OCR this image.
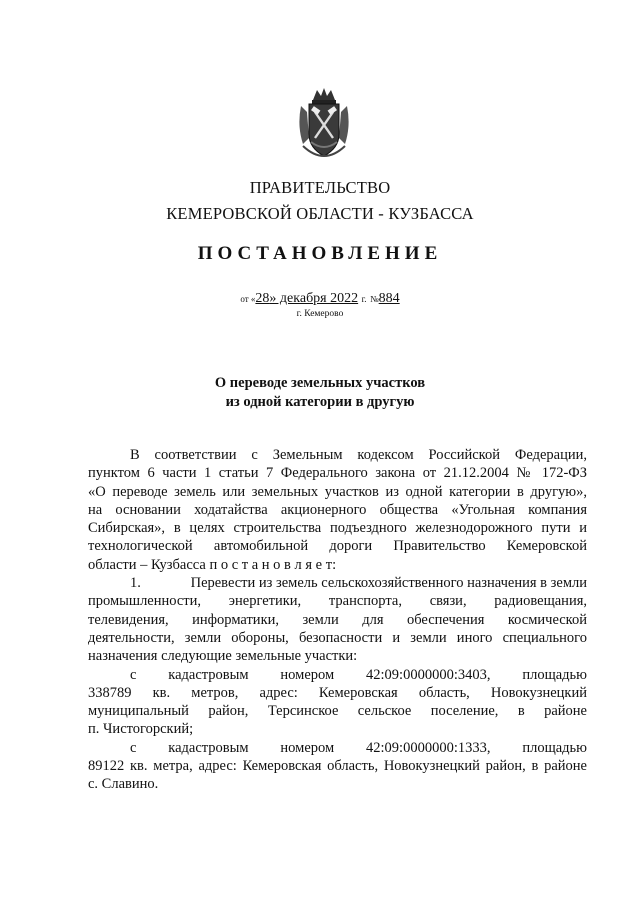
ПРАВИТЕЛЬСТВО
КЕМЕРОВСКОЙ ОБЛАСТИ - КУЗБАССА
ПОСТАНОВЛЕНИЕ
от «28» декабря 2022 г. №884
г. Кемерово
О переводе земельных участков
из одной категории в другую
В соответствии с Земельным кодексом Российской Федерации,
пунктом 6 части 1 статьи 7 Федерального закона от 21.12.2004 № 172-ФЗ
«О переводе земель или земельных участков из одной категории в другую»,
на основании ходатайства акционерного общества «Угольная компания
Сибирская», в целях строительства подъездного железнодорожного пути и
технологической автомобильной дороги Правительство Кемеровской
области – Кузбасса п о с т а н о в л я е т:
1.	Перевести из земель сельскохозяйственного назначения в земли
промышленности, энергетики, транспорта, связи, радиовещания,
телевидения, информатики, земли для обеспечения космической
деятельности, земли обороны, безопасности и земли иного специального
назначения следующие земельные участки:
с кадастровым номером 42:09:0000000:3403, площадью
338789 кв. метров, адрес: Кемеровская область, Новокузнецкий
муниципальный район, Терсинское сельское поселение, в районе
п. Чистогорский;
с кадастровым номером 42:09:0000000:1333, площадью
89122 кв. метра, адрес: Кемеровская область, Новокузнецкий район, в районе
с. Славино.
